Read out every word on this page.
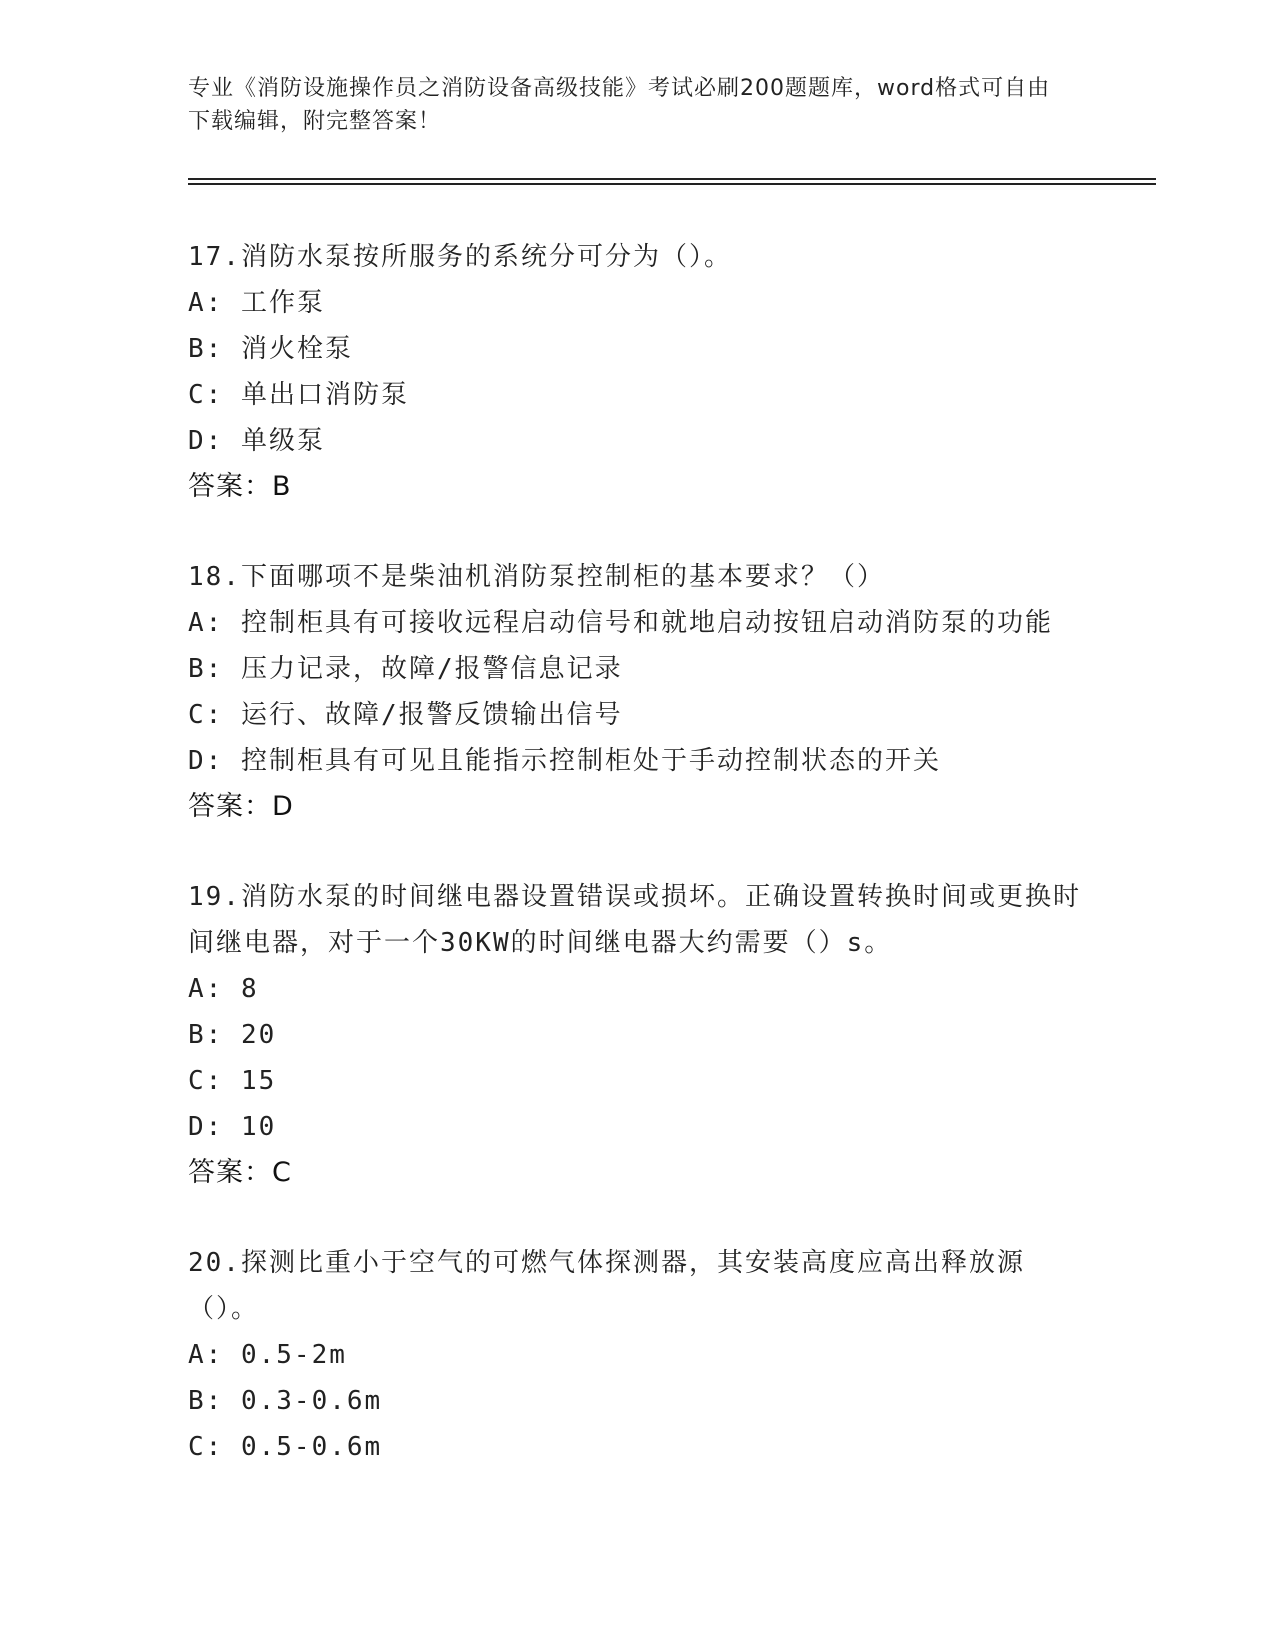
专业《消防设施操作员之消防设备高级技能》考试必刷200题题库，word格式可自由下载编辑，附完整答案！
17.消防水泵按所服务的系统分可分为（）。
A: 工作泵
B: 消火栓泵
C: 单出口消防泵
D: 单级泵
答案：B
18.下面哪项不是柴油机消防泵控制柜的基本要求？（）
A: 控制柜具有可接收远程启动信号和就地启动按钮启动消防泵的功能
B: 压力记录，故障/报警信息记录
C: 运行、故障/报警反馈输出信号
D: 控制柜具有可见且能指示控制柜处于手动控制状态的开关
答案：D
19.消防水泵的时间继电器设置错误或损坏。正确设置转换时间或更换时间继电器，对于一个30KW的时间继电器大约需要（）s。
A: 8
B: 20
C: 15
D: 10
答案：C
20.探测比重小于空气的可燃气体探测器，其安装高度应高出释放源（）。
A: 0.5-2m
B: 0.3-0.6m
C: 0.5-0.6m
